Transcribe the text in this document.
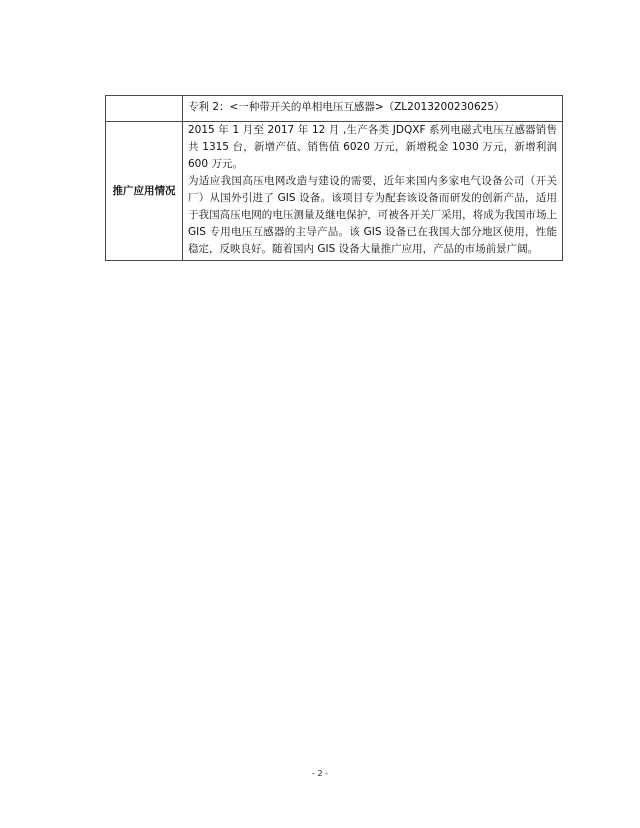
	专利 2：<一种带开关的单相电压互感器>（ZL2013200230625）
推广应用情况	2015 年 1 月至 2017 年 12 月 ,生产各类 JDQXF 系列电磁式电压互感器销售共 1315 台，新增产值、销售值 6020 万元，新增税金 1030 万元，新增利润 600 万元。

为适应我国高压电网改造与建设的需要，近年来国内多家电气设备公司（开关厂）从国外引进了 GIS 设备。该项目专为配套该设备而研发的创新产品，适用于我国高压电网的电压测量及继电保护，可被各开关厂采用，将成为我国市场上 GIS 专用电压互感器的主导产品。该 GIS 设备已在我国大部分地区使用，性能稳定，反映良好。随着国内 GIS 设备大量推广应用，产品的市场前景广阔。

- 2 -
